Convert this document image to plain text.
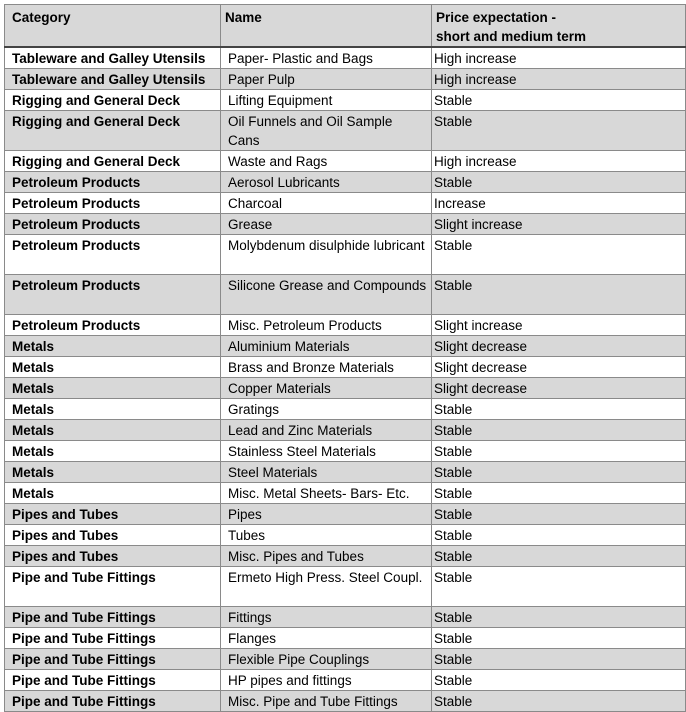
Category	Name	Price expectation -
short and medium term
Tableware and Galley Utensils	Paper- Plastic and Bags	High increase
Tableware and Galley Utensils	Paper Pulp	High increase
Rigging and General Deck	Lifting Equipment	Stable
Rigging and General Deck	Oil Funnels and Oil Sample Cans	Stable
Rigging and General Deck	Waste and Rags	High increase
Petroleum Products	Aerosol Lubricants	Stable
Petroleum Products	Charcoal	Increase
Petroleum Products	Grease	Slight increase
Petroleum Products	Molybdenum disulphide lubricant	Stable
Petroleum Products	Silicone Grease and Compounds	Stable
Petroleum Products	Misc. Petroleum Products	Slight increase
Metals	Aluminium Materials	Slight decrease
Metals	Brass and Bronze Materials	Slight decrease
Metals	Copper Materials	Slight decrease
Metals	Gratings	Stable
Metals	Lead and Zinc Materials	Stable
Metals	Stainless Steel Materials	Stable
Metals	Steel Materials	Stable
Metals	Misc. Metal Sheets- Bars- Etc.	Stable
Pipes and Tubes	Pipes	Stable
Pipes and Tubes	Tubes	Stable
Pipes and Tubes	Misc. Pipes and Tubes	Stable
Pipe and Tube Fittings	Ermeto High Press. Steel Coupl.	Stable
Pipe and Tube Fittings	Fittings	Stable
Pipe and Tube Fittings	Flanges	Stable
Pipe and Tube Fittings	Flexible Pipe Couplings	Stable
Pipe and Tube Fittings	HP pipes and fittings	Stable
Pipe and Tube Fittings	Misc. Pipe and Tube Fittings	Stable
